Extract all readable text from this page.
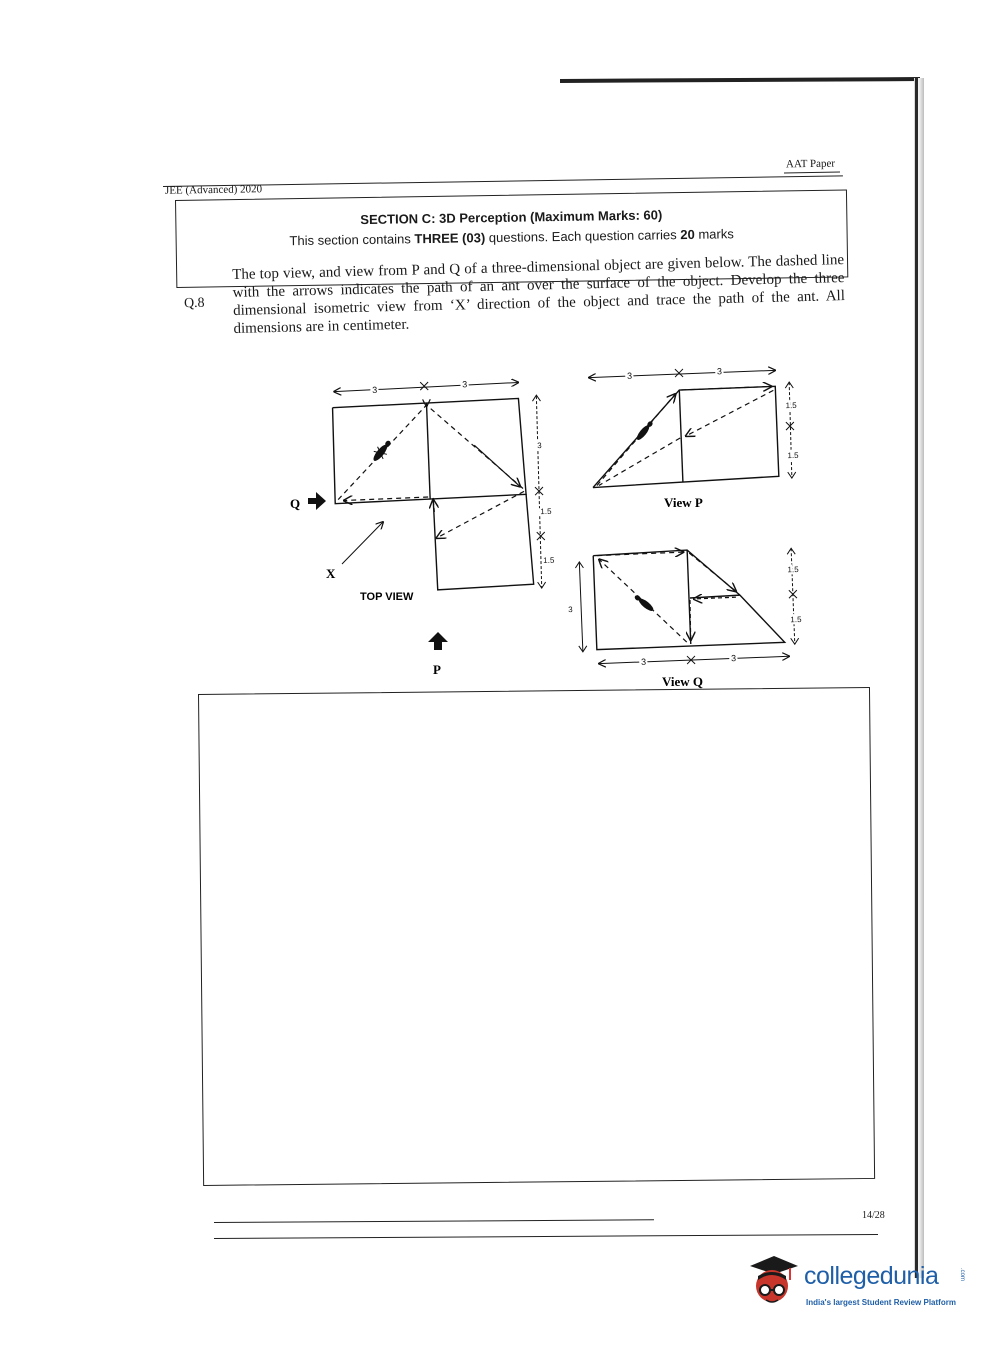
JEE (Advanced) 2020
AAT Paper
SECTION C: 3D Perception (Maximum Marks: 60)
This section contains THREE (03) questions. Each question carries 20 marks
Q.8
The top view, and view from P and Q of a three-dimensional object are given below. The dashed line with the arrows indicates the path of an ant over the surface of the object. Develop the three dimensional isometric view from ‘X’ direction of the object and trace the path of the ant. All dimensions are in centimeter.
3
3
3
1.5
1.5
Q
X
TOP VIEW
P
3	3
1.5
1.5
View P
3
3	3
1.5
1.5
View Q
14/28
collegedunia	.com
India's largest Student Review Platform
